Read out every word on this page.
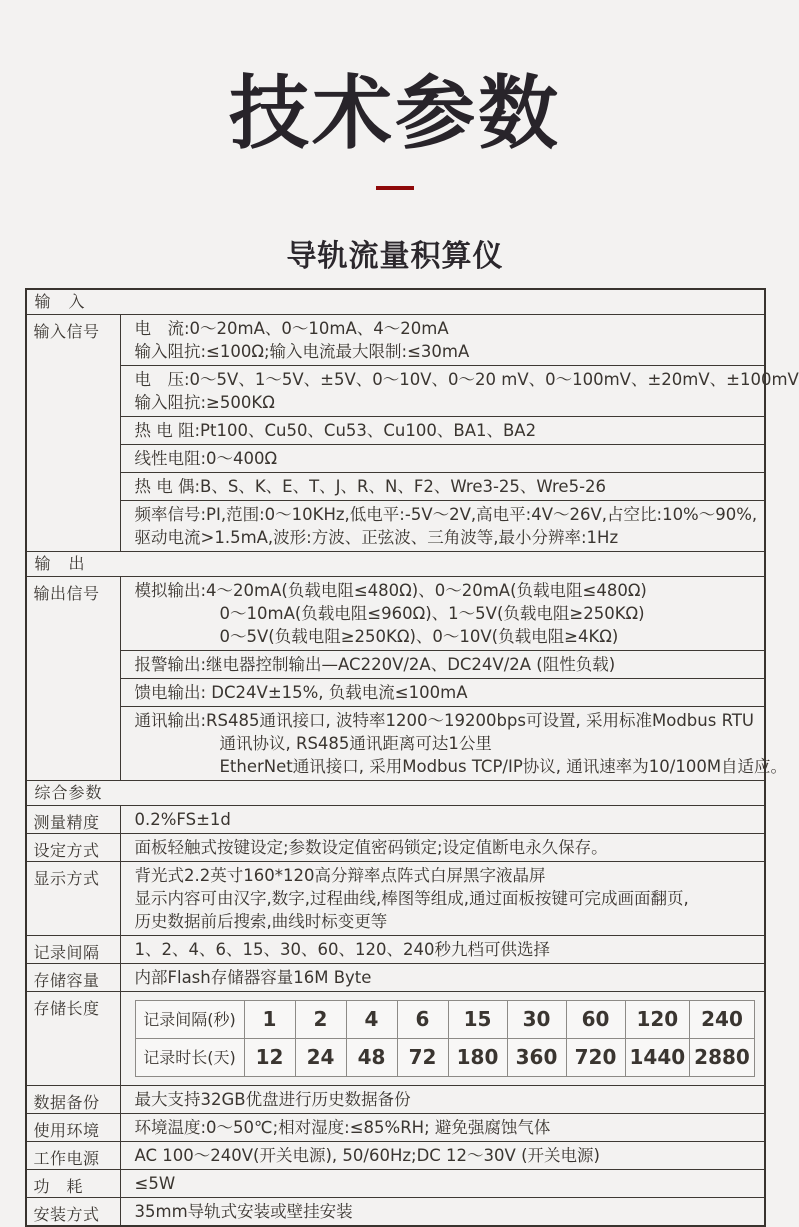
技术参数
导轨流量积算仪
输　入
输入信号	电　流:0～20mA、0～10mA、4～20mA
输入阻抗:≤100Ω;输入电流最大限制:≤30mA
电　压:0～5V、1～5V、±5V、0～10V、0～20 mV、0～100mV、±20mV、±100mV
输入阻抗:≥500KΩ
热 电 阻:Pt100、Cu50、Cu53、Cu100、BA1、BA2
线性电阻:0～400Ω
热 电 偶:B、S、K、E、T、J、R、N、F2、Wre3-25、Wre5-26
频率信号:PI,范围:0～10KHz,低电平:-5V～2V,高电平:4V～26V,占空比:10%～90%,
驱动电流>1.5mA,波形:方波、正弦波、三角波等,最小分辨率:1Hz
输　出
输出信号	模拟输出:4～20mA(负载电阻≤480Ω)、0～20mA(负载电阻≤480Ω)
0～10mA(负载电阻≤960Ω)、1～5V(负载电阻≥250KΩ)
0～5V(负载电阻≥250KΩ)、0～10V(负载电阻≥4KΩ)
报警输出:继电器控制输出—AC220V/2A、DC24V/2A (阻性负载)
馈电输出: DC24V±15%, 负载电流≤100mA
通讯输出:RS485通讯接口, 波特率1200～19200bps可设置, 采用标准Modbus RTU
通讯协议, RS485通讯距离可达1公里
EtherNet通讯接口, 采用Modbus TCP/IP协议, 通讯速率为10/100M自适应。
综合参数
测量精度	0.2%FS±1d
设定方式	面板轻触式按键设定;参数设定值密码锁定;设定值断电永久保存。
显示方式	背光式2.2英寸160*120高分辩率点阵式白屏黑字液晶屏
显示内容可由汉字,数字,过程曲线,棒图等组成,通过面板按键可完成画面翻页,
历史数据前后搜索,曲线时标变更等
记录间隔	1、2、4、6、15、30、60、120、240秒九档可供选择
存储容量	内部Flash存储器容量16M Byte
存储长度
记录间隔(秒)	1	2	4	6	15	30	60	120	240
记录时长(天)	12	24	48	72	180	360	720	1440	2880
数据备份	最大支持32GB优盘进行历史数据备份
使用环境	环境温度:0～50℃;相对湿度:≤85%RH; 避免强腐蚀气体
工作电源	AC 100～240V(开关电源), 50/60Hz;DC 12～30V (开关电源)
功　耗	≤5W
安装方式	35mm导轨式安装或壁挂安装
